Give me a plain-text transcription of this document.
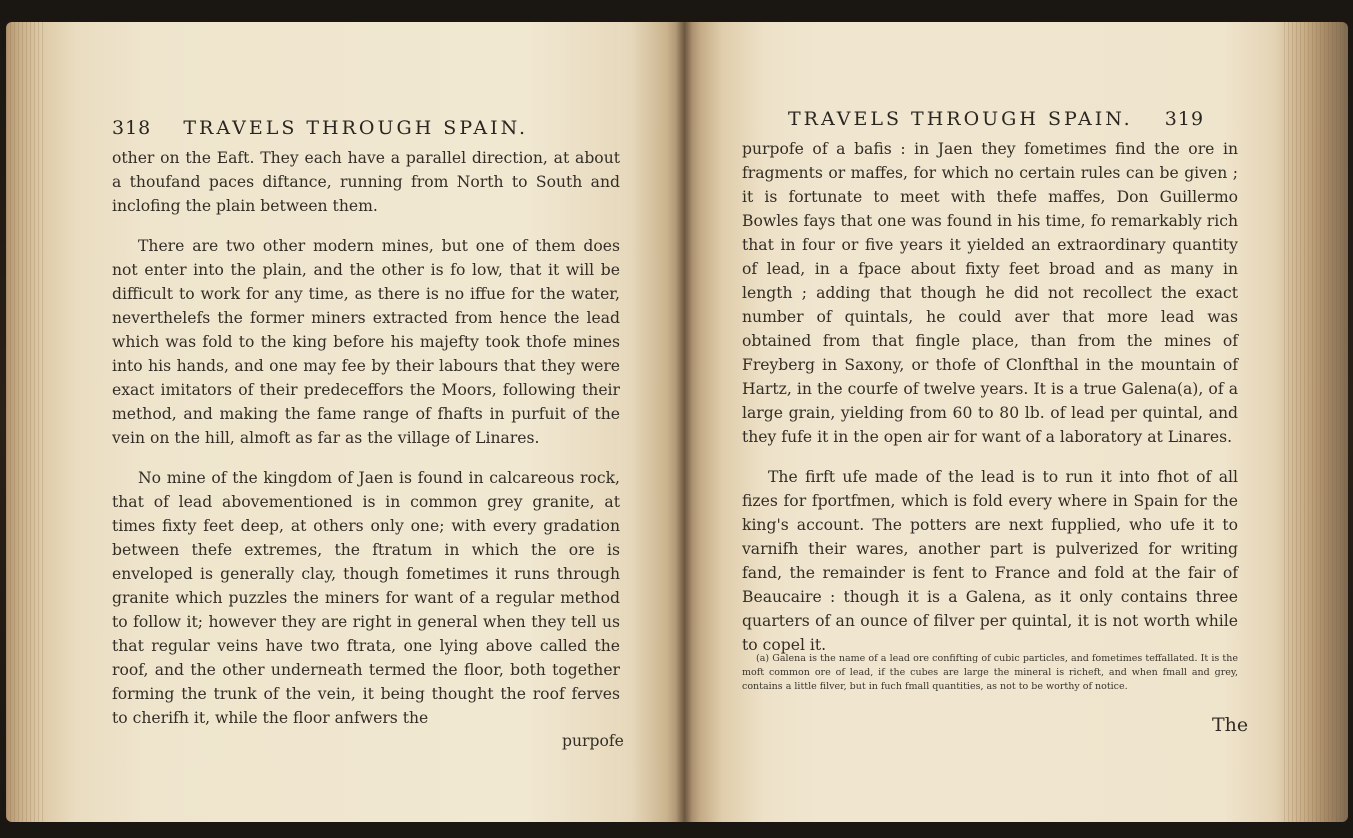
318 TRAVELS THROUGH SPAIN.

other on the Eaft. They each have a parallel direction, at about a thoufand paces diftance, running from North to South and inclofing the plain between them.

There are two other modern mines, but one of them does not enter into the plain, and the other is fo low, that it will be difficult to work for any time, as there is no iffue for the water, neverthelefs the former miners extracted from hence the lead which was fold to the king before his majefty took thofe mines into his hands, and one may fee by their labours that they were exact imitators of their predeceffors the Moors, following their method, and making the fame range of fhafts in purfuit of the vein on the hill, almoft as far as the village of Linares.

No mine of the kingdom of Jaen is found in calcareous rock, that of lead abovementioned is in common grey granite, at times fixty feet deep, at others only one; with every gradation between thefe extremes, the ftratum in which the ore is enveloped is generally clay, though fometimes it runs through granite which puzzles the miners for want of a regular method to follow it; however they are right in general when they tell us that regular veins have two ftrata, one lying above called the roof, and the other underneath termed the floor, both together forming the trunk of the vein, it being thought the roof ferves to cherifh it, while the floor anfwers the

purpofe
TRAVELS THROUGH SPAIN. 319

purpofe of a bafis : in Jaen they fometimes find the ore in fragments or maffes, for which no certain rules can be given ; it is fortunate to meet with thefe maffes, Don Guillermo Bowles fays that one was found in his time, fo remarkably rich that in four or five years it yielded an extraordinary quantity of lead, in a fpace about fixty feet broad and as many in length ; adding that though he did not recollect the exact number of quintals, he could aver that more lead was obtained from that fingle place, than from the mines of Freyberg in Saxony, or thofe of Clonfthal in the mountain of Hartz, in the courfe of twelve years. It is a true Galena(a), of a large grain, yielding from 60 to 80 lb. of lead per quintal, and they fufe it in the open air for want of a laboratory at Linares.

The firft ufe made of the lead is to run it into fhot of all fizes for fportfmen, which is fold every where in Spain for the king's account. The potters are next fupplied, who ufe it to varnifh their wares, another part is pulverized for writing fand, the remainder is fent to France and fold at the fair of Beaucaire : though it is a Galena, as it only contains three quarters of an ounce of filver per quintal, it is not worth while to copel it.

(a) Galena is the name of a lead ore confifting of cubic particles, and fometimes teffallated. It is the moft common ore of lead, if the cubes are large the mineral is richeft, and when fmall and grey, contains a little filver, but in fuch fmall quantities, as not to be worthy of notice.

The
